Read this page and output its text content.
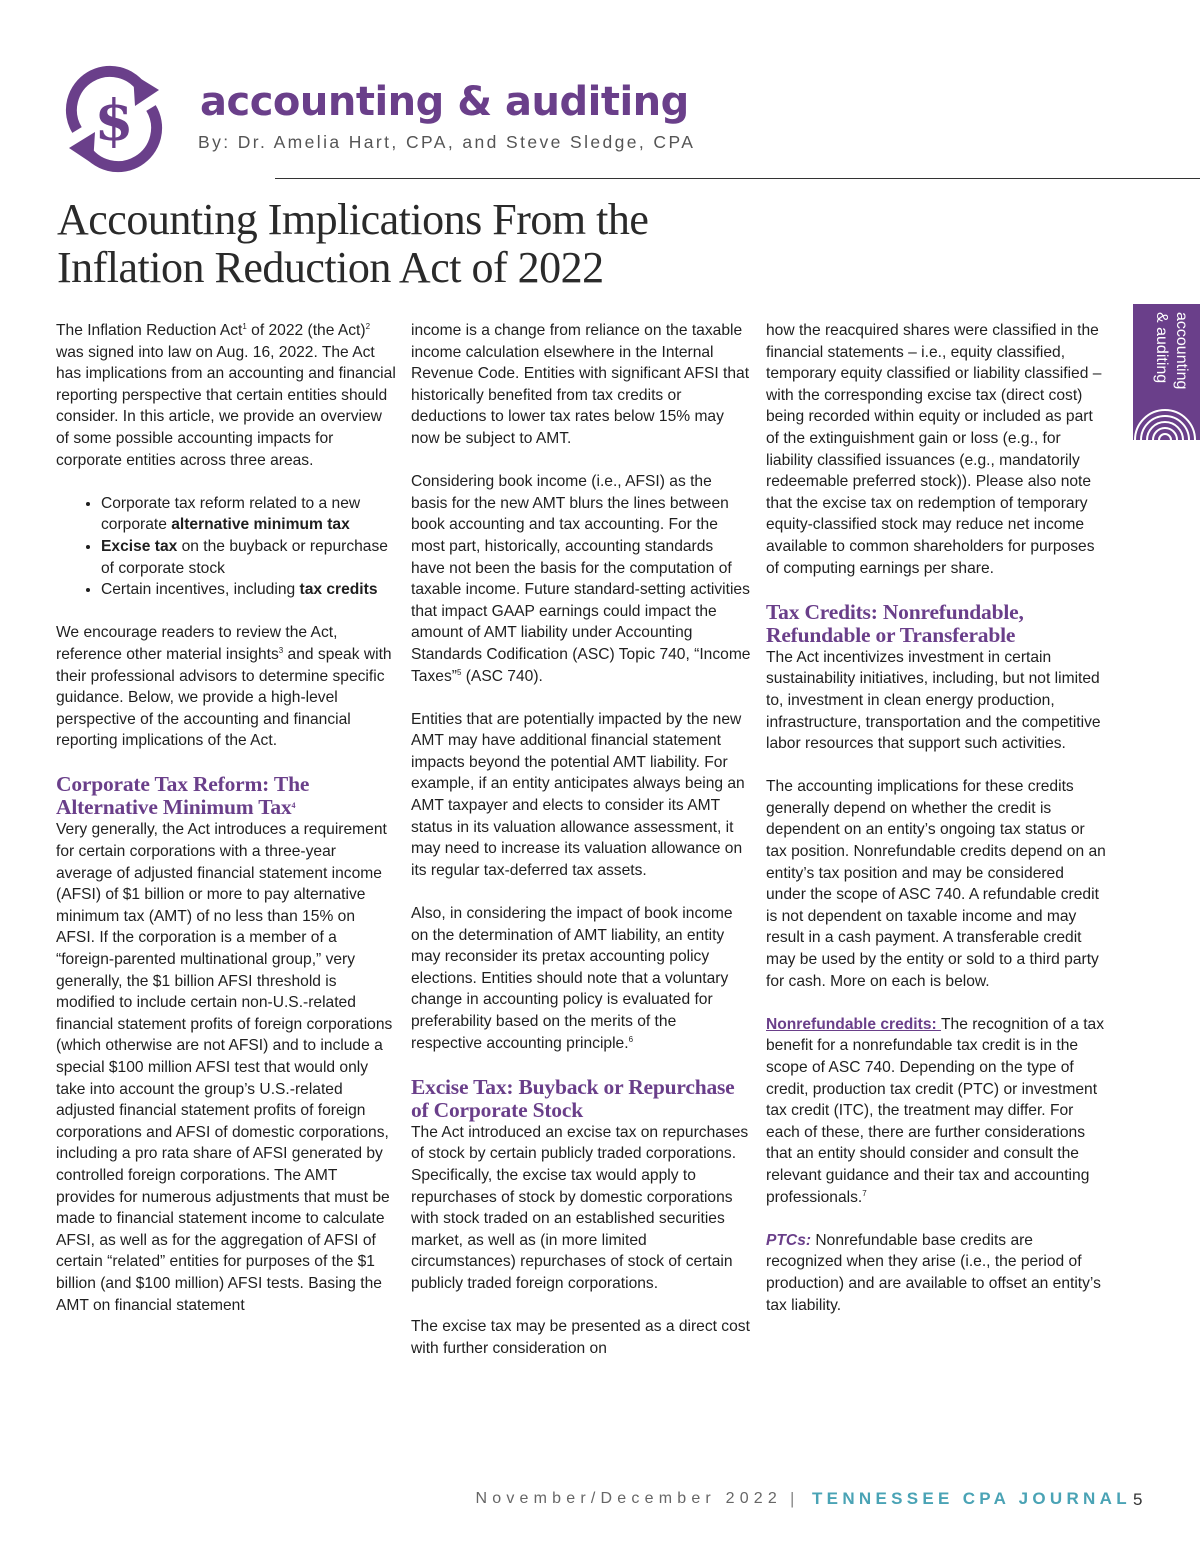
$ accounting & auditing
By: Dr. Amelia Hart, CPA, and Steve Sledge, CPA
Accounting Implications From the
Inflation Reduction Act of 2022

The Inflation Reduction Act$^1$ of 2022 (the Act)$^2$ was signed into law on Aug. 16, 2022. The Act has implications from an accounting and financial reporting perspective that certain entities should consider. In this article, we provide an overview of some possible accounting impacts for corporate entities across three areas.

• Corporate tax reform related to a new corporate alternative minimum tax
• Excise tax on the buyback or repurchase of corporate stock
• Certain incentives, including tax credits

We encourage readers to review the Act, reference other material insights$^3$ and speak with their professional advisors to determine specific guidance. Below, we provide a high-level perspective of the accounting and financial reporting implications of the Act.

Corporate Tax Reform: The Alternative Minimum Tax$^4$

Very generally, the Act introduces a requirement for certain corporations with a three-year average of adjusted financial statement income (AFSI) of $1 billion or more to pay alternative minimum tax (AMT) of no less than 15% on AFSI. If the corporation is a member of a “foreign-parented multinational group,” very generally, the $1 billion AFSI threshold is modified to include certain non-U.S.-related financial statement profits of foreign corporations (which otherwise are not AFSI) and to include a special $100 million AFSI test that would only take into account the group’s U.S.-related adjusted financial statement profits of foreign corporations and AFSI of domestic corporations, including a pro rata share of AFSI generated by controlled foreign corporations. The AMT provides for numerous adjustments that must be made to financial statement income to calculate AFSI, as well as for the aggregation of AFSI of certain “related” entities for purposes of the $1 billion (and $100 million) AFSI tests. Basing the AMT on financial statement

income is a change from reliance on the taxable income calculation elsewhere in the Internal Revenue Code. Entities with significant AFSI that historically benefited from tax credits or deductions to lower tax rates below 15% may now be subject to AMT.

Considering book income (i.e., AFSI) as the basis for the new AMT blurs the lines between book accounting and tax accounting. For the most part, historically, accounting standards have not been the basis for the computation of taxable income. Future standard-setting activities that impact GAAP earnings could impact the amount of AMT liability under Accounting Standards Codification (ASC) Topic 740, “Income Taxes”$^5$ (ASC 740).

Entities that are potentially impacted by the new AMT may have additional financial statement impacts beyond the potential AMT liability. For example, if an entity anticipates always being an AMT taxpayer and elects to consider its AMT status in its valuation allowance assessment, it may need to increase its valuation allowance on its regular tax-deferred tax assets.

Also, in considering the impact of book income on the determination of AMT liability, an entity may reconsider its pretax accounting policy elections. Entities should note that a voluntary change in accounting policy is evaluated for preferability based on the merits of the respective accounting principle.$^6$

Excise Tax: Buyback or Repurchase of Corporate Stock

The Act introduced an excise tax on repurchases of stock by certain publicly traded corporations. Specifically, the excise tax would apply to repurchases of stock by domestic corporations with stock traded on an established securities market, as well as (in more limited circumstances) repurchases of stock of certain publicly traded foreign corporations.

The excise tax may be presented as a direct cost with further consideration on

how the reacquired shares were classified in the financial statements – i.e., equity classified, temporary equity classified or liability classified – with the corresponding excise tax (direct cost) being recorded within equity or included as part of the extinguishment gain or loss (e.g., for liability classified issuances (e.g., mandatorily redeemable preferred stock)). Please also note that the excise tax on redemption of temporary equity-classified stock may reduce net income available to common shareholders for purposes of computing earnings per share.

Tax Credits: Nonrefundable, Refundable or Transferable

The Act incentivizes investment in certain sustainability initiatives, including, but not limited to, investment in clean energy production, infrastructure, transportation and the competitive labor resources that support such activities.

The accounting implications for these credits generally depend on whether the credit is dependent on an entity’s ongoing tax status or tax position. Nonrefundable credits depend on an entity’s tax position and may be considered under the scope of ASC 740. A refundable credit is not dependent on taxable income and may result in a cash payment. A transferable credit may be used by the entity or sold to a third party for cash. More on each is below.

Nonrefundable credits: The recognition of a tax benefit for a nonrefundable tax credit is in the scope of ASC 740. Depending on the type of credit, production tax credit (PTC) or investment tax credit (ITC), the treatment may differ. For each of these, there are further considerations that an entity should consider and consult the relevant guidance and their tax and accounting professionals.$^7$

PTCs: Nonrefundable base credits are recognized when they arise (i.e., the period of production) and are available to offset an entity’s tax liability.

accounting
& auditing
November/December 2022 | TENNESSEE CPA JOURNAL 5
